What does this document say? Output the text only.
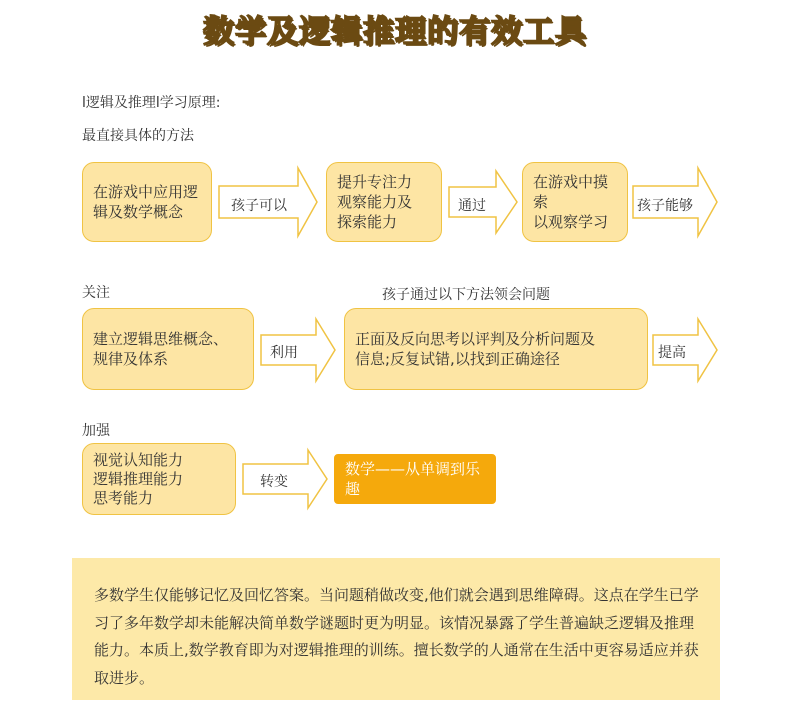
数学及逻辑推理的有效工具
l逻辑及推理l学习原理:
最直接具体的方法
在游戏中应用逻
辑及数学概念	孩子可以
提升专注力
观察能力及
探索能力
通过
在游戏中摸索
以观察学习
孩子能够
关注	孩子通过以下方法领会问题
建立逻辑思维概念、
规律及体系	利用
正面及反向思考以评判及分析问题及
信息;反复试错,以找到正确途径	提高
加强
视觉认知能力
逻辑推理能力
思考能力
转变
数学——从单调到乐趣
多数学生仅能够记忆及回忆答案。当问题稍做改变,他们就会遇到思维障碍。这点在学生已学习了多年数学却未能解决简单数学谜题时更为明显。该情况暴露了学生普遍缺乏逻辑及推理能力。本质上,数学教育即为对逻辑推理的训练。擅长数学的人通常在生活中更容易适应并获取进步。
